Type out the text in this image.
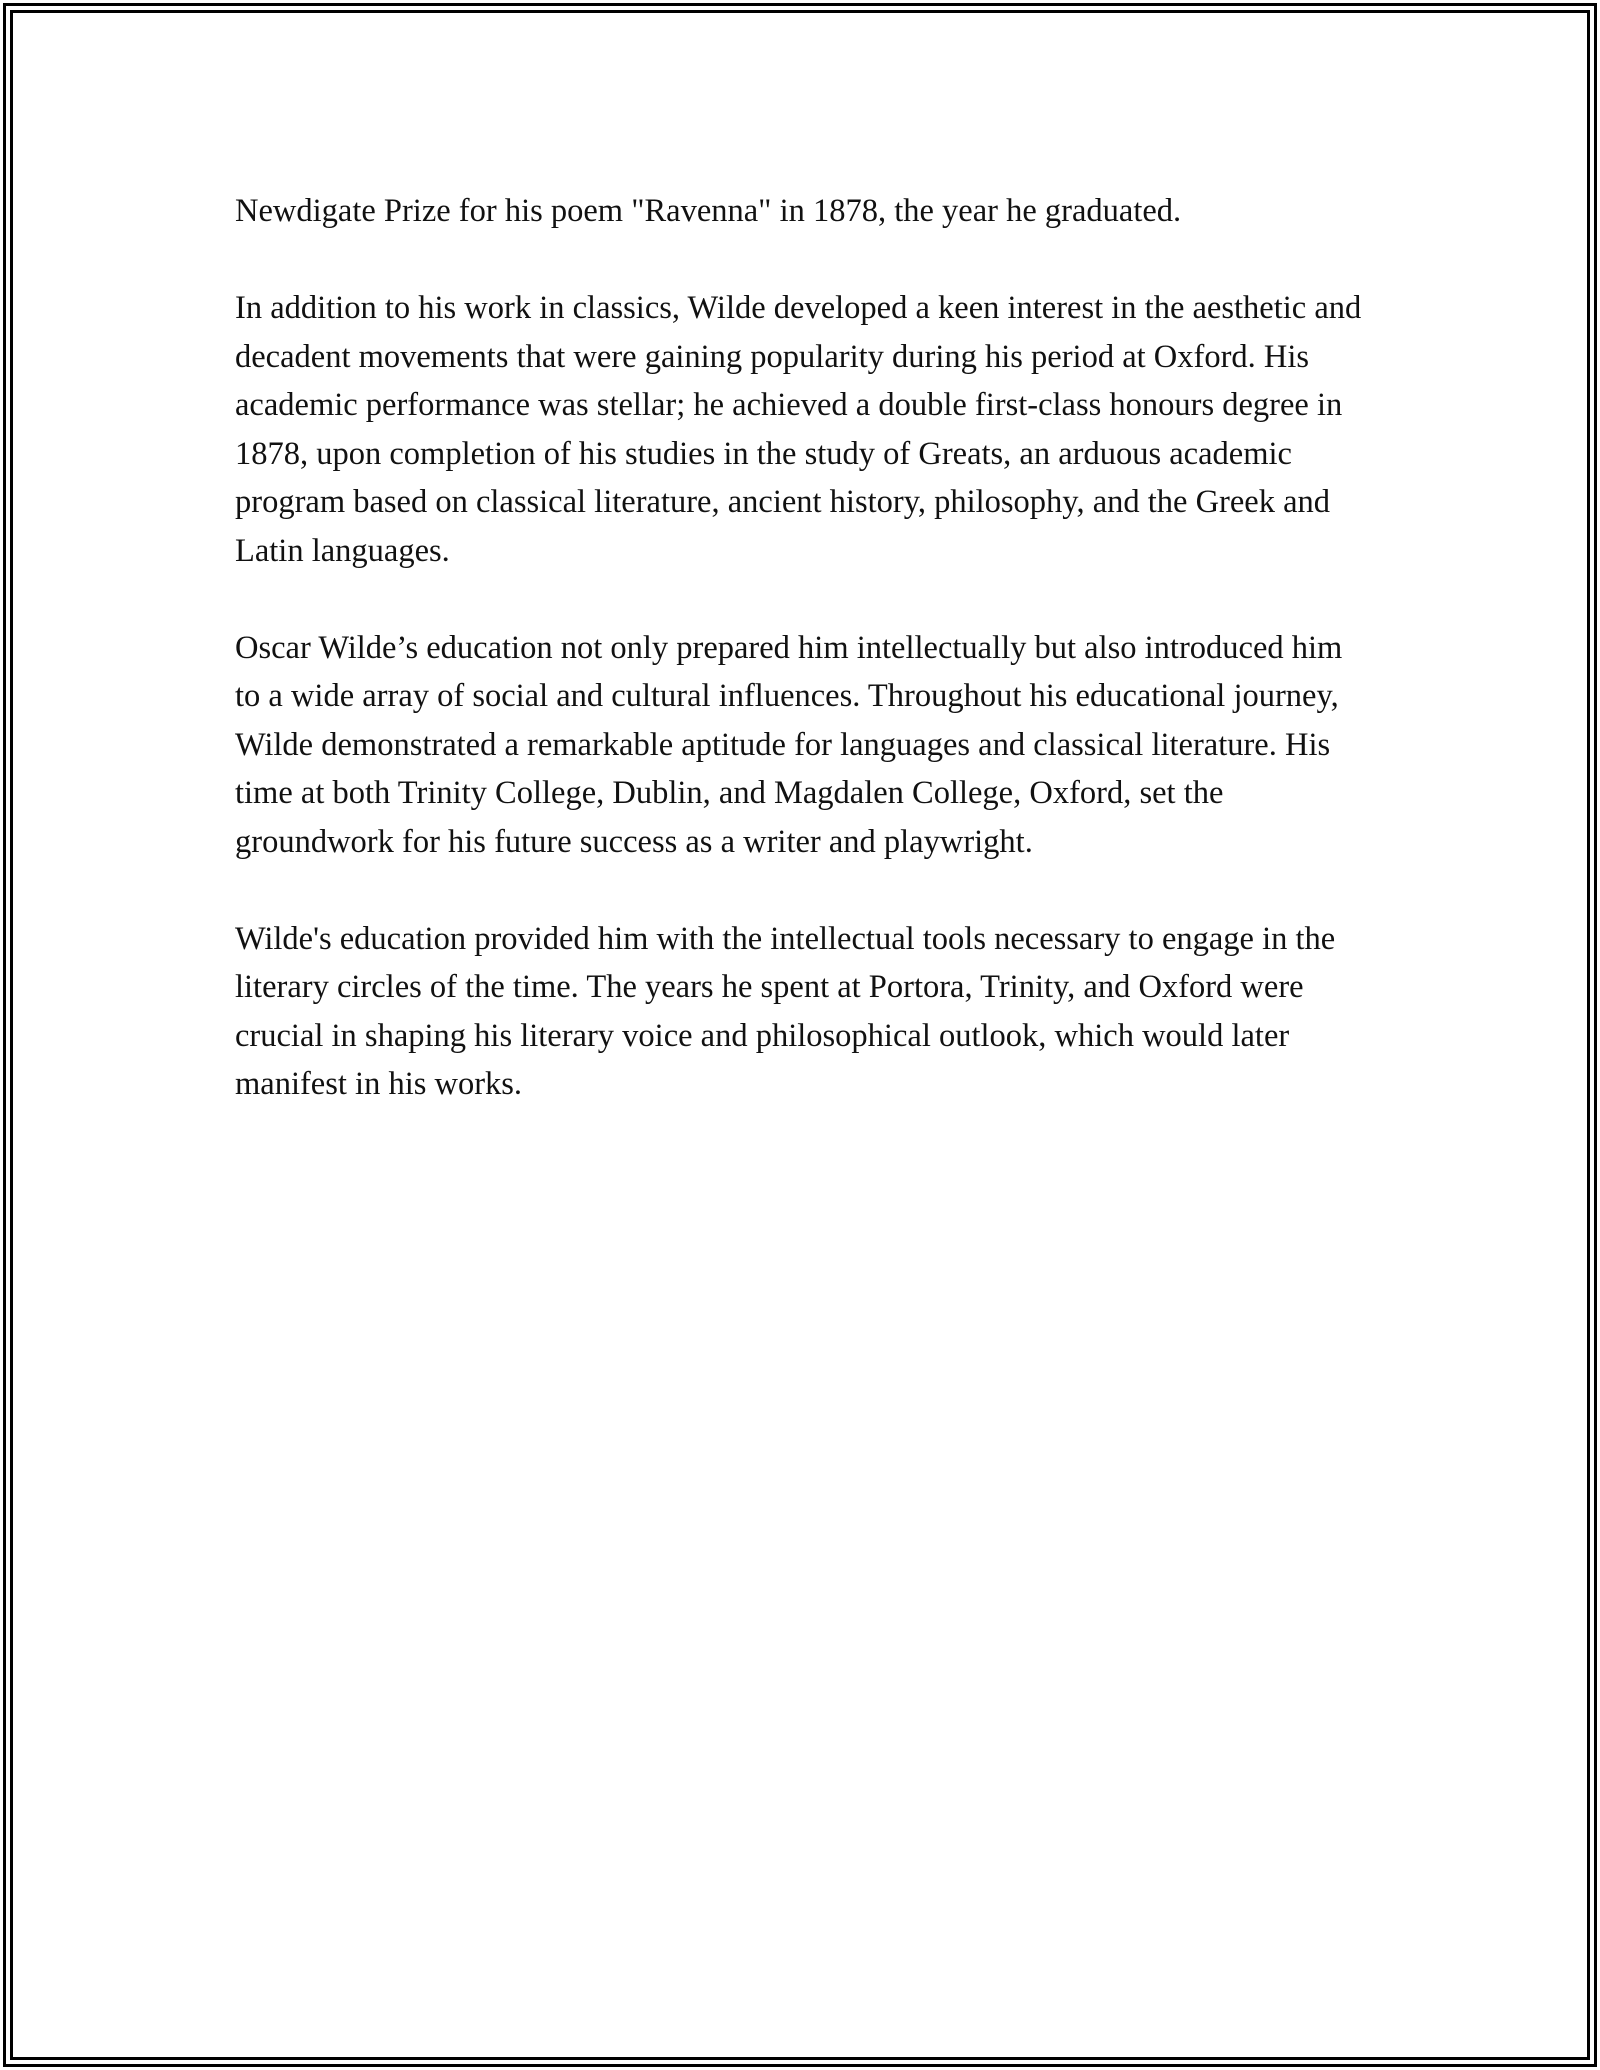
Newdigate Prize for his poem "Ravenna" in 1878, the year he graduated.

In addition to his work in classics, Wilde developed a keen interest in the aesthetic and decadent movements that were gaining popularity during his period at Oxford. His academic performance was stellar; he achieved a double first-class honours degree in 1878, upon completion of his studies in the study of Greats, an arduous academic program based on classical literature, ancient history, philosophy, and the Greek and Latin languages.

Oscar Wilde’s education not only prepared him intellectually but also introduced him to a wide array of social and cultural influences. Throughout his educational journey, Wilde demonstrated a remarkable aptitude for languages and classical literature. His time at both Trinity College, Dublin, and Magdalen College, Oxford, set the groundwork for his future success as a writer and playwright.

Wilde's education provided him with the intellectual tools necessary to engage in the literary circles of the time. The years he spent at Portora, Trinity, and Oxford were crucial in shaping his literary voice and philosophical outlook, which would later manifest in his works.
